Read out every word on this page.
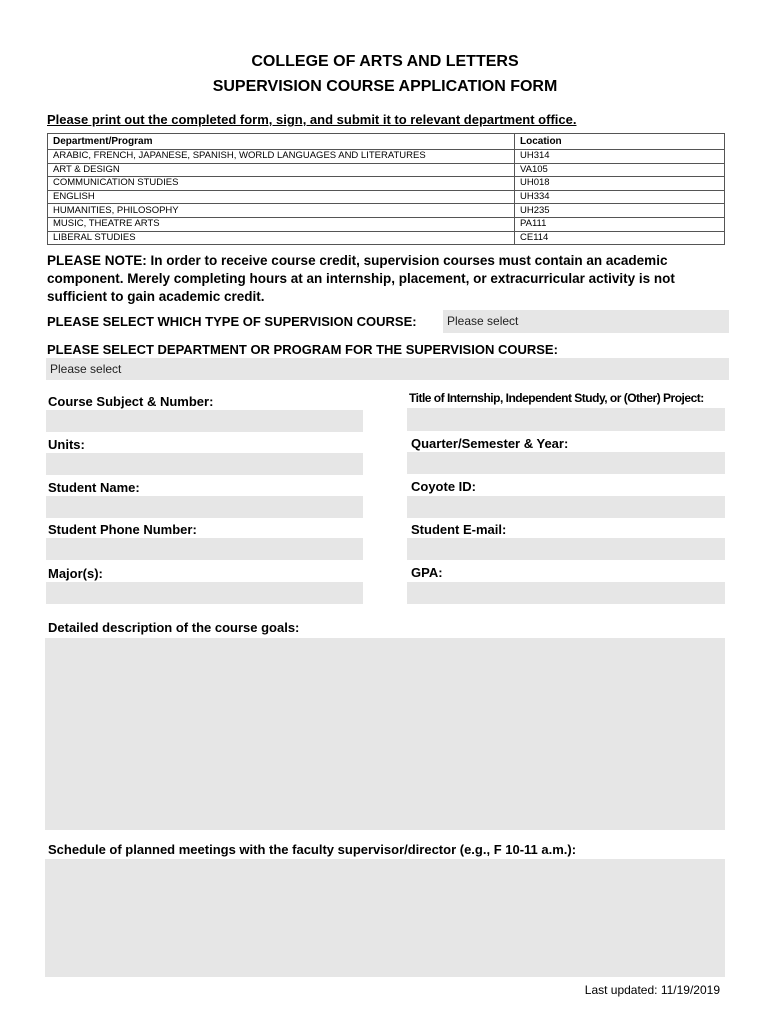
COLLEGE OF ARTS AND LETTERS
SUPERVISION COURSE APPLICATION FORM
Please print out the completed form, sign, and submit it to relevant department office.
Department/Program	Location
ARABIC, FRENCH, JAPANESE, SPANISH, WORLD LANGUAGES AND LITERATURES	UH314
ART & DESIGN	VA105
COMMUNICATION STUDIES	UH018
ENGLISH	UH334
HUMANITIES, PHILOSOPHY	UH235
MUSIC, THEATRE ARTS	PA111
LIBERAL STUDIES	CE114
PLEASE NOTE: In order to receive course credit, supervision courses must contain an academic component. Merely completing hours at an internship, placement, or extracurricular activity is not sufficient to gain academic credit.
PLEASE SELECT WHICH TYPE OF SUPERVISION COURSE:	Please select
PLEASE SELECT DEPARTMENT OR PROGRAM FOR THE SUPERVISION COURSE:
Please select
Course Subject & Number:	Title of Internship, Independent Study, or (Other) Project:
Units:	Quarter/Semester & Year:
Student Name:	Coyote ID:
Student Phone Number:	Student E-mail:
Major(s):	GPA:
Detailed description of the course goals:
Schedule of planned meetings with the faculty supervisor/director (e.g., F 10-11 a.m.):
Last updated: 11/19/2019
